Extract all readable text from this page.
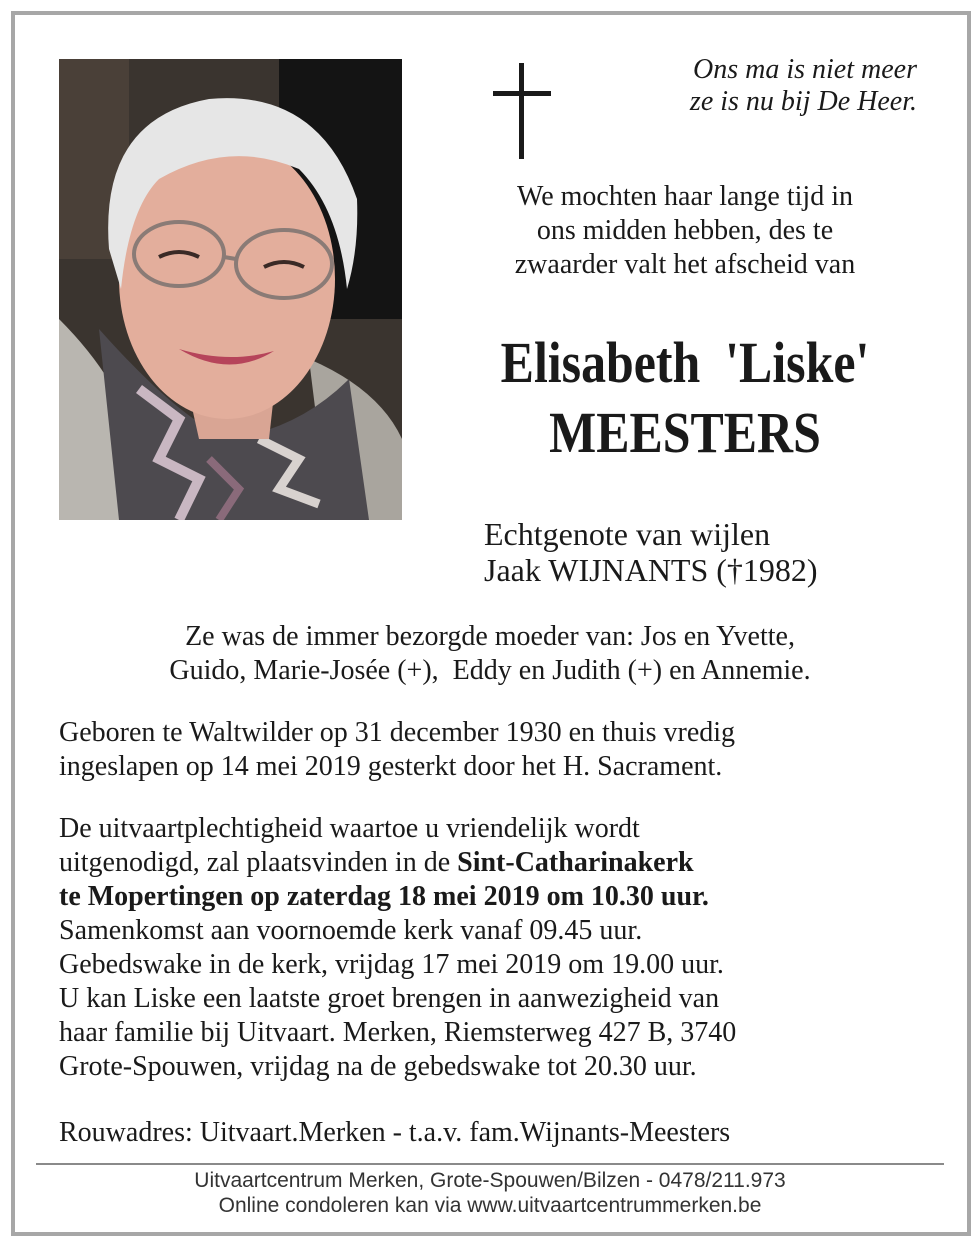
Ons ma is niet meer
ze is nu bij De Heer.
We mochten haar lange tijd in
ons midden hebben, des te
zwaarder valt het afscheid van
Elisabeth  'Liske'
MEESTERS
Echtgenote van wijlen
Jaak WIJNANTS (†1982)
Ze was de immer bezorgde moeder van: Jos en Yvette,
Guido, Marie-Josée (+),  Eddy en Judith (+) en Annemie.
Geboren te Waltwilder op 31 december 1930 en thuis vredig
ingeslapen op 14 mei 2019 gesterkt door het H. Sacrament.
De uitvaartplechtigheid waartoe u vriendelijk wordt
uitgenodigd, zal plaatsvinden in de Sint-Catharinakerk
te Mopertingen op zaterdag 18 mei 2019 om 10.30 uur.
Samenkomst aan voornoemde kerk vanaf 09.45 uur.
Gebedswake in de kerk, vrijdag 17 mei 2019 om 19.00 uur.
U kan Liske een laatste groet brengen in aanwezigheid van
haar familie bij Uitvaart. Merken, Riemsterweg 427 B, 3740
Grote-Spouwen, vrijdag na de gebedswake tot 20.30 uur.
Rouwadres: Uitvaart.Merken - t.a.v. fam.Wijnants-Meesters
Uitvaartcentrum Merken, Grote-Spouwen/Bilzen - 0478/211.973
Online condoleren kan via www.uitvaartcentrummerken.be
